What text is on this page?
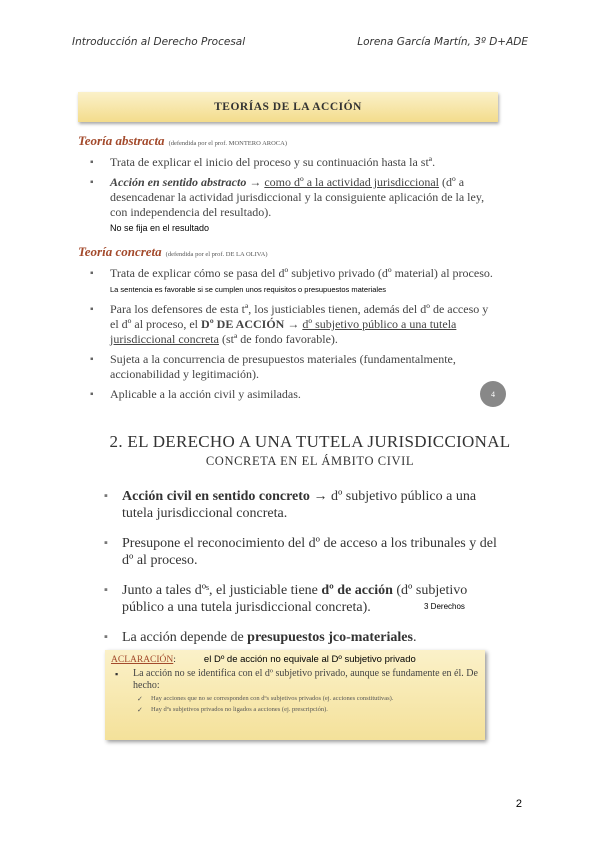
Introducción al Derecho Procesal	Lorena García Martín, 3º D+ADE
TEORÍAS DE LA ACCIÓN
Teoría abstracta (defendida por el prof. MONTERO AROCA)
▪ Trata de explicar el inicio del proceso y su continuación hasta la stª.
▪ Acción en sentido abstracto → como dº a la actividad jurisdiccional (dº a desencadenar la actividad jurisdiccional y la consiguiente aplicación de la ley, con independencia del resultado).
No se fija en el resultado
Teoría concreta (defendida por el prof. DE LA OLIVA)
▪ Trata de explicar cómo se pasa del dº subjetivo privado (dº material) al proceso. La sentencia es favorable si se cumplen unos requisitos o presupuestos materiales
▪ Para los defensores de esta tª, los justiciables tienen, además del dº de acceso y el dº al proceso, el Dº DE ACCIÓN → dº subjetivo público a una tutela jurisdiccional concreta (stª de fondo favorable).
▪ Sujeta a la concurrencia de presupuestos materiales (fundamentalmente, accionabilidad y legitimación).
▪ Aplicable a la acción civil y asimiladas.	4
2. EL DERECHO A UNA TUTELA JURISDICCIONAL
CONCRETA EN EL ÁMBITO CIVIL
▪ Acción civil en sentido concreto → dº subjetivo público a una tutela jurisdiccional concreta.
▪ Presupone el reconocimiento del dº de acceso a los tribunales y del dº al proceso.
▪ Junto a tales dºˢ, el justiciable tiene dº de acción (dº subjetivo público a una tutela jurisdiccional concreta).
▪ La acción depende de presupuestos jco-materiales.
3 Derechos
ACLARACIÓN:	el Dº de acción no equivale al Dº subjetivo privado
▪ La acción no se identifica con el dº subjetivo privado, aunque se fundamente en él. De hecho:
✓ Hay acciones que no se corresponden con dºs subjetivos privados (ej. acciones constitutivas).
✓ Hay dºs subjetivos privados no ligados a acciones (ej. prescripción).
2
